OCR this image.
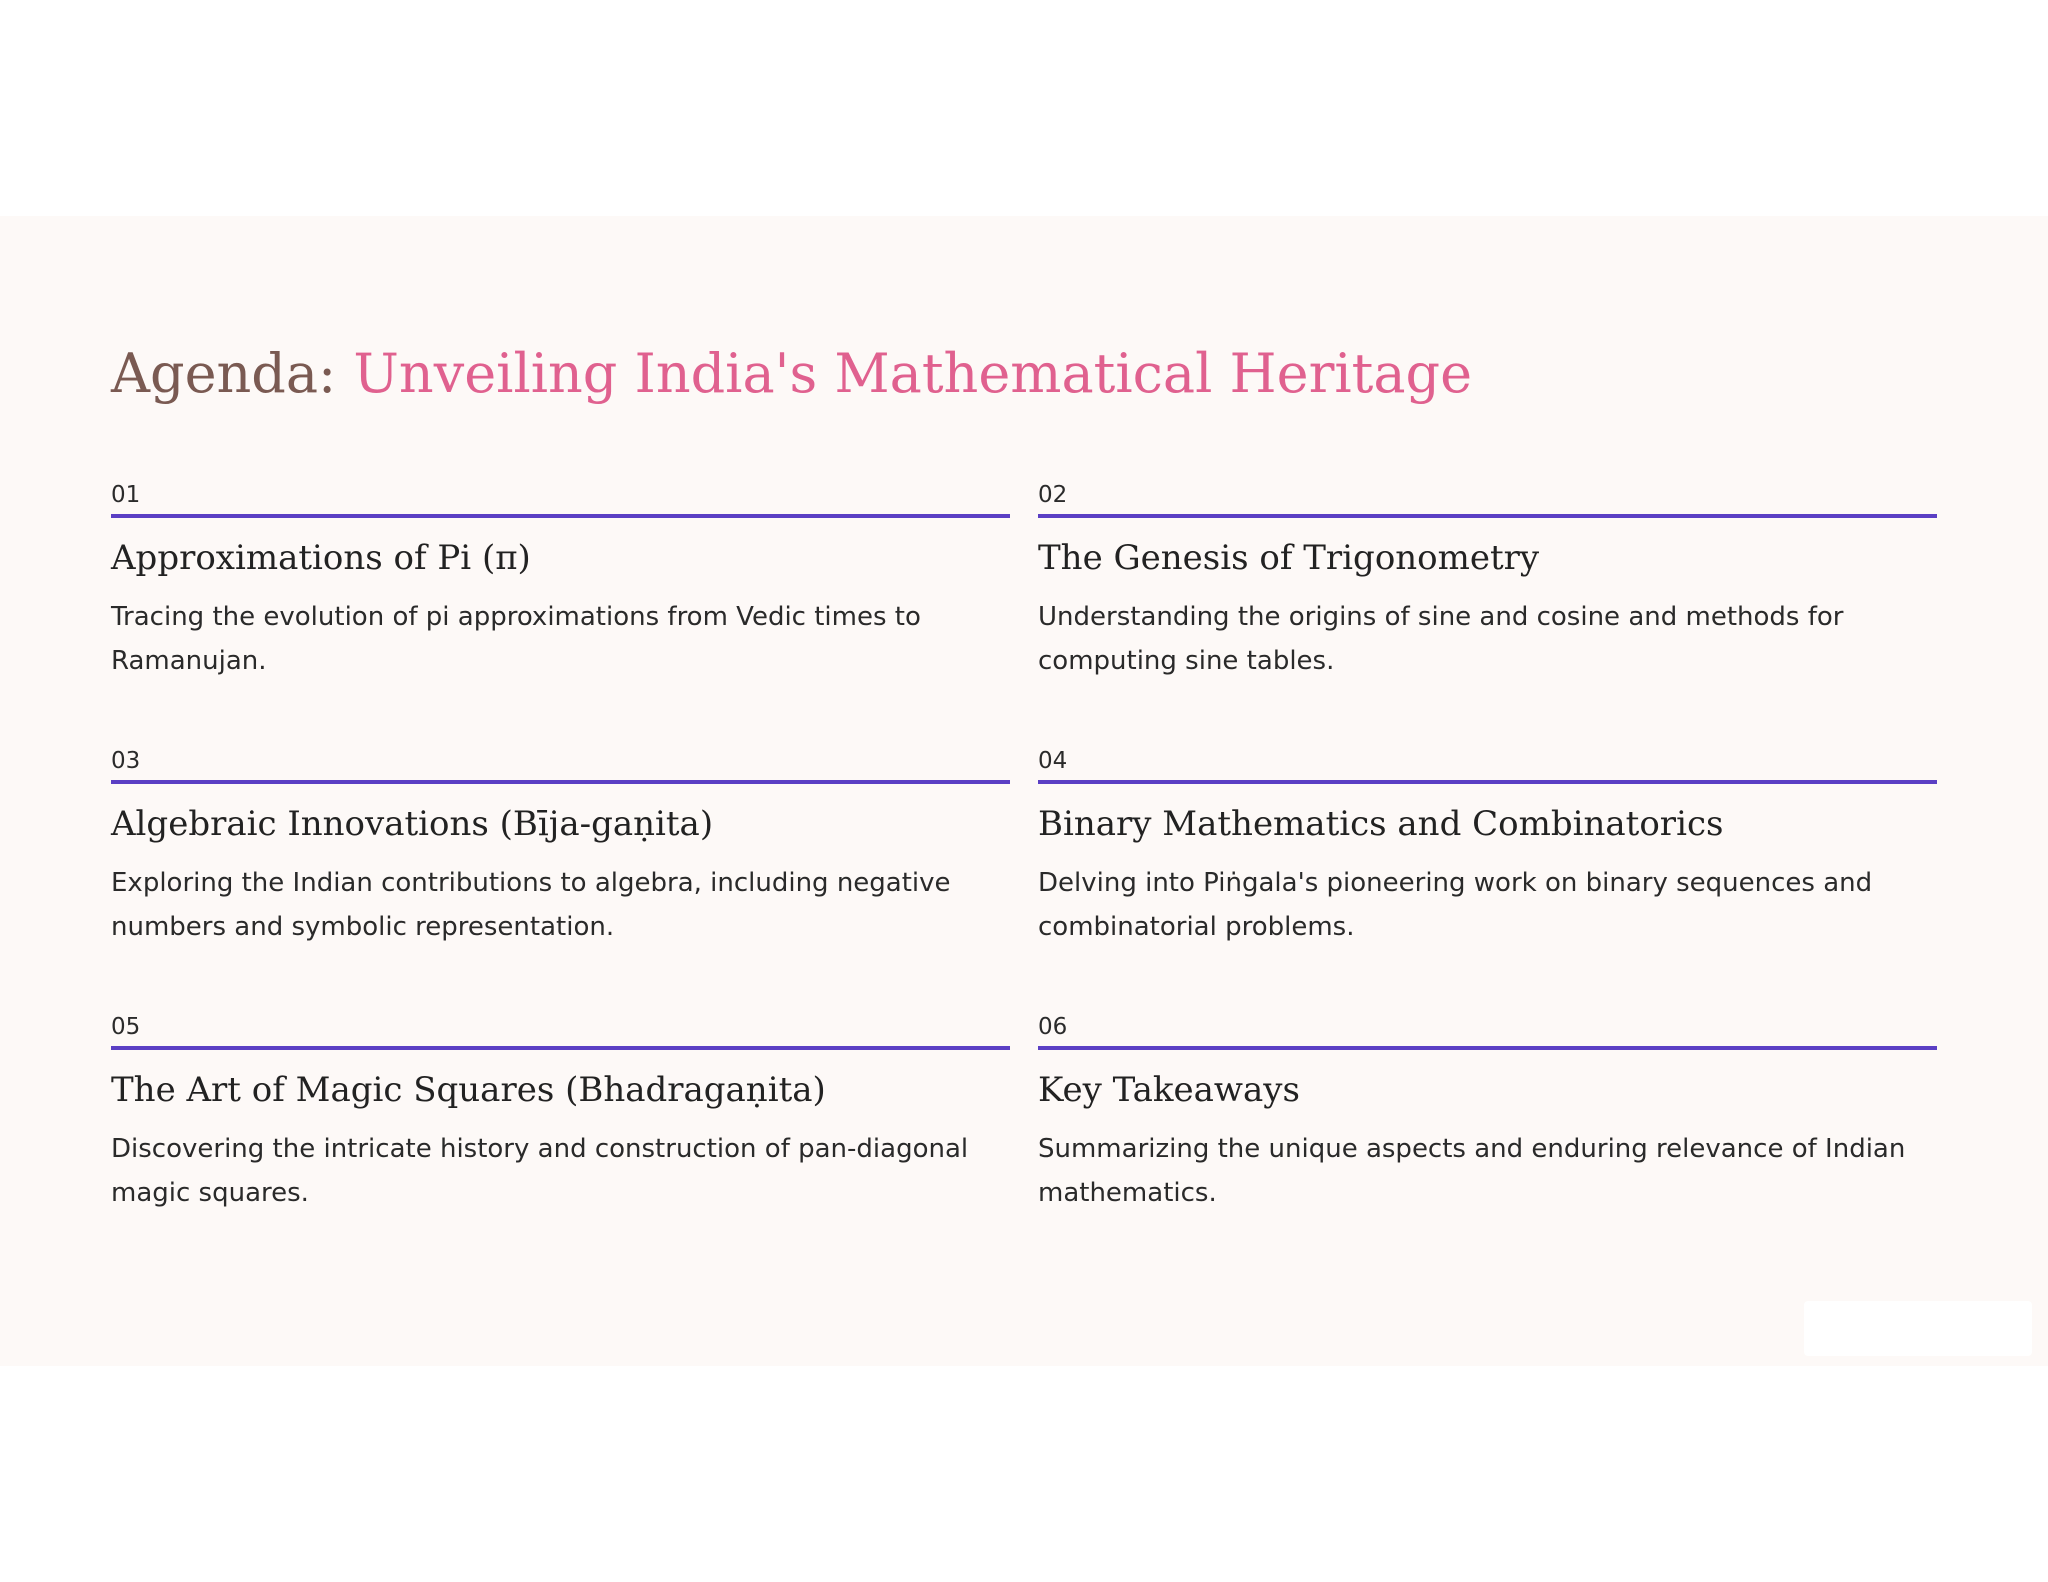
Agenda: Unveiling India's Mathematical Heritage
01
Approximations of Pi (π)
Tracing the evolution of pi approximations from Vedic times to Ramanujan.
02
The Genesis of Trigonometry
Understanding the origins of sine and cosine and methods for computing sine tables.
03
Algebraic Innovations (Bīja-gaṇita)
Exploring the Indian contributions to algebra, including negative numbers and symbolic representation.
04
Binary Mathematics and Combinatorics
Delving into Piṅgala's pioneering work on binary sequences and combinatorial problems.
05
The Art of Magic Squares (Bhadragaṇita)
Discovering the intricate history and construction of pan-diagonal magic squares.
06
Key Takeaways
Summarizing the unique aspects and enduring relevance of Indian mathematics.
